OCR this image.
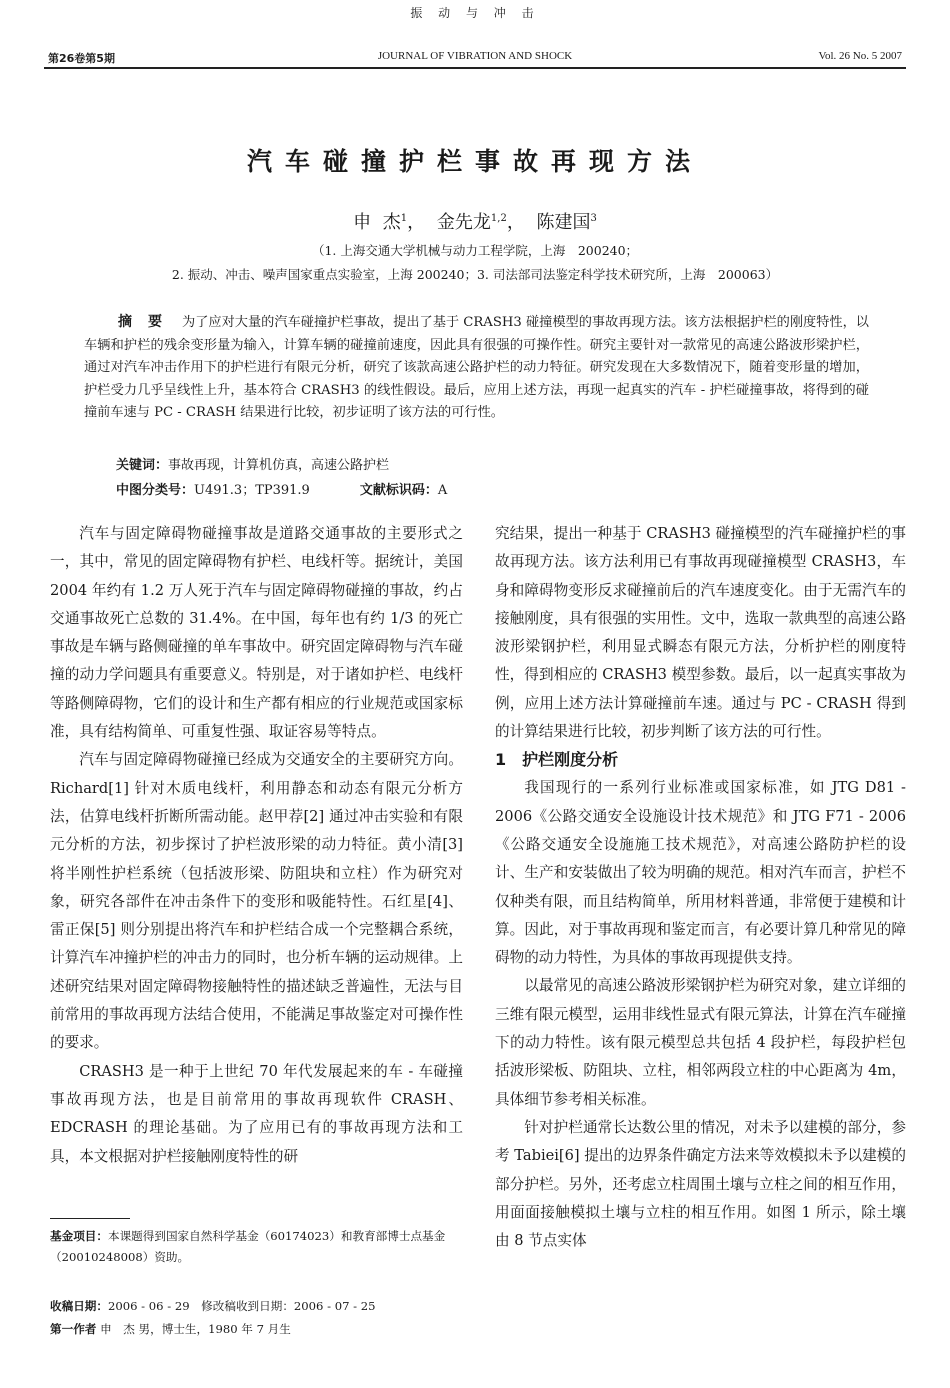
振 动 与 冲 击
第26卷第5期	JOURNAL OF VIBRATION AND SHOCK	Vol. 26 No. 5 2007
汽车碰撞护栏事故再现方法
申 杰$^1$， 金先龙$^{1,2}$， 陈建国$^3$
（1. 上海交通大学机械与动力工程学院，上海　200240；
2. 振动、冲击、噪声国家重点实验室，上海 200240；3. 司法部司法鉴定科学技术研究所，上海　200063）
摘要 为了应对大量的汽车碰撞护栏事故，提出了基于 CRASH3 碰撞模型的事故再现方法。该方法根据护栏的刚度特性，以车辆和护栏的残余变形量为输入，计算车辆的碰撞前速度，因此具有很强的可操作性。研究主要针对一款常见的高速公路波形梁护栏，通过对汽车冲击作用下的护栏进行有限元分析，研究了该款高速公路护栏的动力特征。研究发现在大多数情况下，随着变形量的增加，护栏受力几乎呈线性上升，基本符合 CRASH3 的线性假设。最后，应用上述方法，再现一起真实的汽车 - 护栏碰撞事故，将得到的碰撞前车速与 PC - CRASH 结果进行比较，初步证明了该方法的可行性。
关键词：事故再现，计算机仿真，高速公路护栏
中图分类号：U491.3；TP391.9	文献标识码：A

汽车与固定障碍物碰撞事故是道路交通事故的主要形式之一，其中，常见的固定障碍物有护栏、电线杆等。据统计，美国 2004 年约有 1.2 万人死于汽车与固定障碍物碰撞的事故，约占交通事故死亡总数的 31.4%。在中国，每年也有约 1/3 的死亡事故是车辆与路侧碰撞的单车事故中。研究固定障碍物与汽车碰撞的动力学问题具有重要意义。特别是，对于诸如护栏、电线杆等路侧障碍物，它们的设计和生产都有相应的行业规范或国家标准，具有结构简单、可重复性强、取证容易等特点。

汽车与固定障碍物碰撞已经成为交通安全的主要研究方向。Richard[1] 针对木质电线杆，利用静态和动态有限元分析方法，估算电线杆折断所需动能。赵甲荐[2] 通过冲击实验和有限元分析的方法，初步探讨了护栏波形梁的动力特征。黄小清[3] 将半刚性护栏系统（包括波形梁、防阻块和立柱）作为研究对象，研究各部件在冲击条件下的变形和吸能特性。石红星[4]、雷正保[5] 则分别提出将汽车和护栏结合成一个完整耦合系统，计算汽车冲撞护栏的冲击力的同时，也分析车辆的运动规律。上述研究结果对固定障碍物接触特性的描述缺乏普遍性，无法与目前常用的事故再现方法结合使用，不能满足事故鉴定对可操作性的要求。

CRASH3 是一种于上世纪 70 年代发展起来的车 - 车碰撞事故再现方法，也是目前常用的事故再现软件 CRASH、EDCRASH 的理论基础。为了应用已有的事故再现方法和工具，本文根据对护栏接触刚度特性的研

究结果，提出一种基于 CRASH3 碰撞模型的汽车碰撞护栏的事故再现方法。该方法利用已有事故再现碰撞模型 CRASH3，车身和障碍物变形反求碰撞前后的汽车速度变化。由于无需汽车的接触刚度，具有很强的实用性。文中，选取一款典型的高速公路波形梁钢护栏，利用显式瞬态有限元方法，分析护栏的刚度特性，得到相应的 CRASH3 模型参数。最后，以一起真实事故为例，应用上述方法计算碰撞前车速。通过与 PC - CRASH 得到的计算结果进行比较，初步判断了该方法的可行性。

1 护栏刚度分析

我国现行的一系列行业标准或国家标准，如 JTG D81 - 2006《公路交通安全设施设计技术规范》和 JTG F71 - 2006《公路交通安全设施施工技术规范》，对高速公路防护栏的设计、生产和安装做出了较为明确的规范。相对汽车而言，护栏不仅种类有限，而且结构简单，所用材料普通，非常便于建模和计算。因此，对于事故再现和鉴定而言，有必要计算几种常见的障碍物的动力特性，为具体的事故再现提供支持。

以最常见的高速公路波形梁钢护栏为研究对象，建立详细的三维有限元模型，运用非线性显式有限元算法，计算在汽车碰撞下的动力特性。该有限元模型总共包括 4 段护栏，每段护栏包括波形梁板、防阻块、立柱，相邻两段立柱的中心距离为 4m，具体细节参考相关标准。

针对护栏通常长达数公里的情况，对未予以建模的部分，参考 Tabiei[6] 提出的边界条件确定方法来等效模拟未予以建模的部分护栏。另外，还考虑立柱周围土壤与立柱之间的相互作用，用面面接触模拟土壤与立柱的相互作用。如图 1 所示，除土壤由 8 节点实体

基金项目：本课题得到国家自然科学基金（60174023）和教育部博士点基金（20010248008）资助。
收稿日期：2006 - 06 - 29　修改稿收到日期：2006 - 07 - 25
第一作者 申　杰 男，博士生，1980 年 7 月生
